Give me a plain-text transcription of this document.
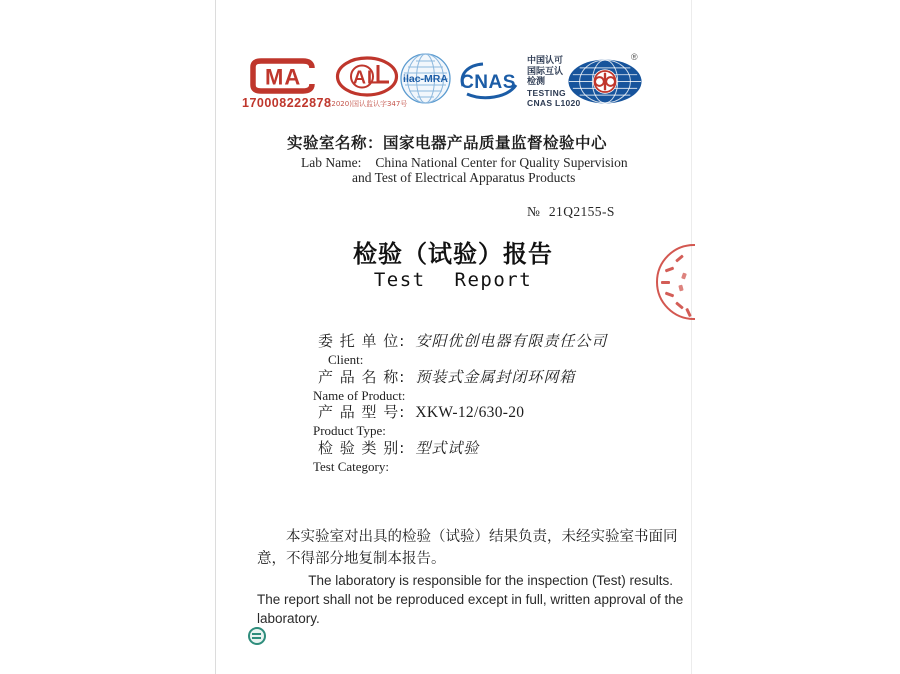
MA
170008222878
AL
(2020)国认监认字347号
ilac-MRA CNAS
中国认可
国际互认
检测
TESTING
CNAS L1020
®
实验室名称：国家电器产品质量监督检验中心
Lab Name: China National Center for Quality Supervision
and Test of Electrical Apparatus Products
№ 21Q2155-S
检验（试验）报告
Test Report
委 托 单 位: 安阳优创电器有限责任公司
Client:
产 品 名 称: 预装式金属封闭环网箱
Name of Product:
产 品 型 号: XKW-12/630-20
Product Type:
检 验 类 别: 型式试验
Test Category:
本实验室对出具的检验（试验）结果负责，未经实验室书面同意，不得部分地复制本报告。
The laboratory is responsible for the inspection (Test) results. The report shall not be reproduced except in full, written approval of the laboratory.
